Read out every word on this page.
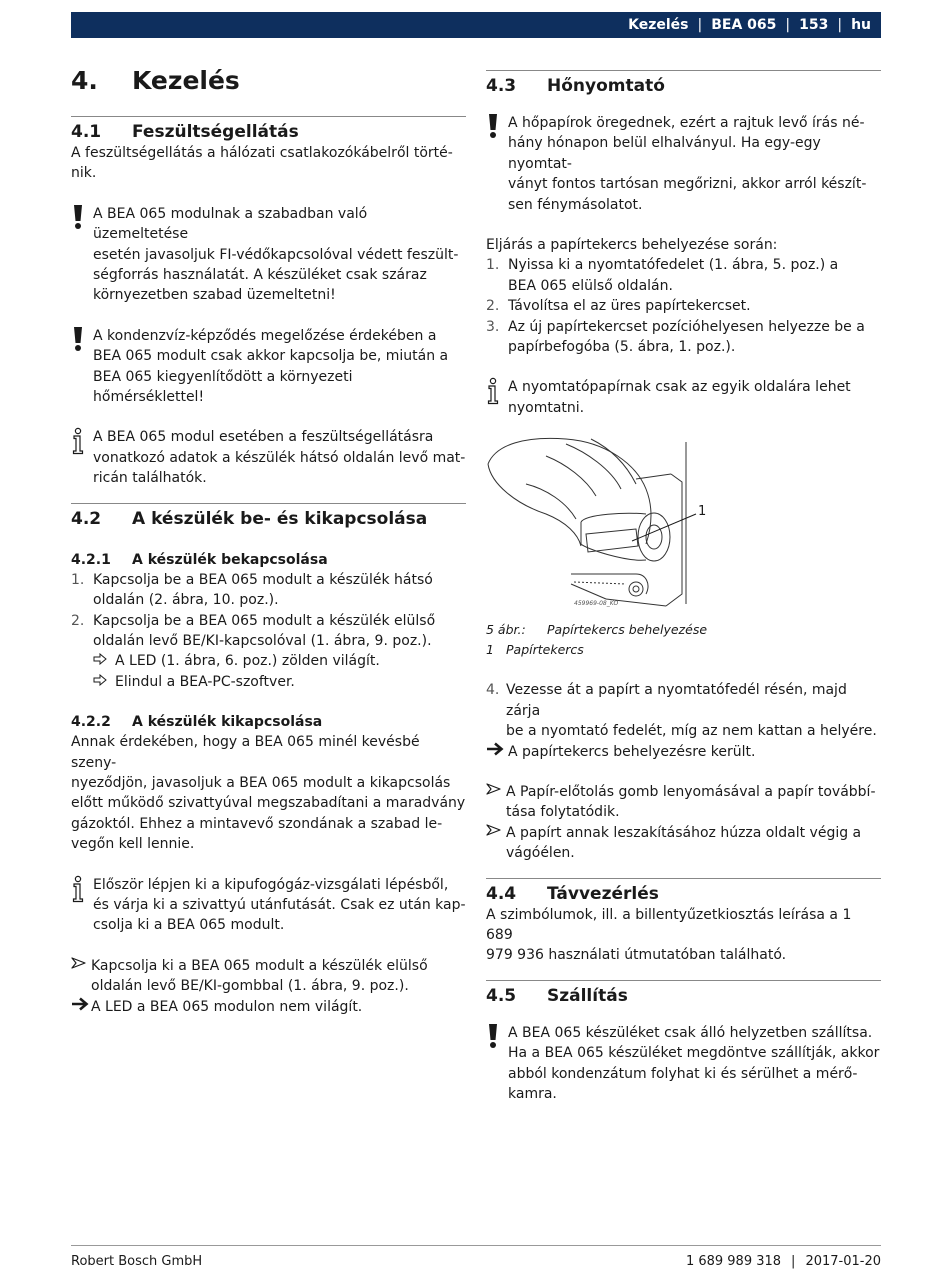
Kezelés | BEA 065 | 153 | hu
4.	Kezelés
4.1	Feszültségellátás

A feszültségellátás a hálózati csatlakozókábelről törté-
nik.

A BEA 065 modulnak a szabadban való üzemeltetése
esetén javasoljuk FI-védőkapcsolóval védett feszült-
ségforrás használatát. A készüléket csak száraz
környezetben szabad üzemeltetni!
A kondenzvíz-képződés megelőzése érdekében a
BEA 065 modult csak akkor kapcsolja be, miután a
BEA 065 kiegyenlítődött a környezeti hőmérséklettel!
A BEA 065 modul esetében a feszültségellátásra
vonatkozó adatok a készülék hátsó oldalán levő mat-
ricán találhatók.
4.2	A készülék be- és kikapcsolása
4.2.1	A készülék bekapcsolása
1. Kapcsolja be a BEA 065 modult a készülék hátsó
oldalán (2. ábra, 10. poz.).
2. Kapcsolja be a BEA 065 modult a készülék elülső
oldalán levő BE/KI-kapcsolóval (1. ábra, 9. poz.).
A LED (1. ábra, 6. poz.) zölden világít.
Elindul a BEA-PC-szoftver.
4.2.2	A készülék kikapcsolása
Annak érdekében, hogy a BEA 065 minél kevésbé szeny-
nyeződjön, javasoljuk a BEA 065 modult a kikapcsolás
előtt működő szivattyúval megszabadítani a maradvány
gázoktól. Ehhez a mintavevő szondának a szabad le-
vegőn kell lennie.
Először lépjen ki a kipufogógáz-vizsgálati lépésből,
és várja ki a szivattyú utánfutását. Csak ez után kap-
csolja ki a BEA 065 modult.
Kapcsolja ki a BEA 065 modult a készülék elülső
oldalán levő BE/KI-gombbal (1. ábra, 9. poz.).
A LED a BEA 065 modulon nem világít.
4.3	Hőnyomtató
A hőpapírok öregednek, ezért a rajtuk levő írás né-
hány hónapon belül elhalványul. Ha egy-egy nyomtat-
ványt fontos tartósan megőrizni, akkor arról készít-
sen fénymásolatot.
Eljárás a papírtekercs behelyezése során:
1. Nyissa ki a nyomtatófedelet (1. ábra, 5. poz.) a
BEA 065 elülső oldalán.
2. Távolítsa el az üres papírtekercset.
3. Az új papírtekercset pozícióhelyesen helyezze be a
papírbefogóba (5. ábra, 1. poz.).
A nyomtatópapírnak csak az egyik oldalára lehet
nyomtatni.
1
459969-08_KO
5 ábr.:	Papírtekercs behelyezése
1 Papírtekercs
4. Vezesse át a papírt a nyomtatófedél résén, majd zárja
be a nyomtató fedelét, míg az nem kattan a helyére.
A papírtekercs behelyezésre került.
A Papír-előtolás gomb lenyomásával a papír továbbí-
tása folytatódik.
A papírt annak leszakításához húzza oldalt végig a
vágóélen.
4.4	Távvezérlés
A szimbólumok, ill. a billentyűzetkiosztás leírása a 1 689
979 936 használati útmutatóban található.
4.5	Szállítás
A BEA 065 készüléket csak álló helyzetben szállítsa.
Ha a BEA 065 készüléket megdöntve szállítják, akkor
abból kondenzátum folyhat ki és sérülhet a mérő-
kamra.
Robert Bosch GmbH	1 689 989 318 | 2017-01-20
